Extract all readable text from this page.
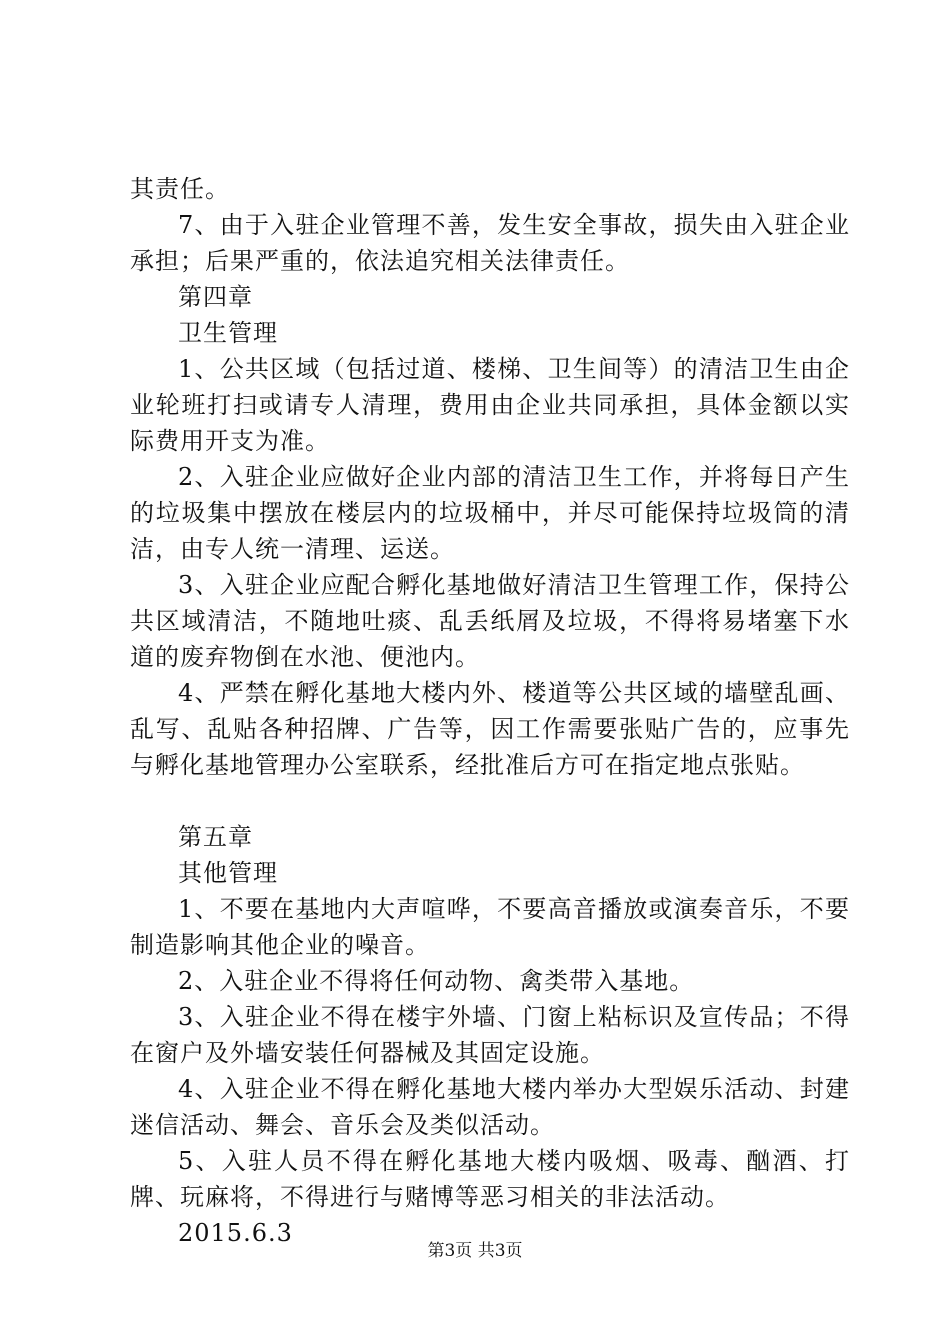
其责任。

7、由于入驻企业管理不善，发生安全事故，损失由入驻企业承担；后果严重的，依法追究相关法律责任。

第四章

卫生管理

1、公共区域（包括过道、楼梯、卫生间等）的清洁卫生由企业轮班打扫或请专人清理，费用由企业共同承担，具体金额以实际费用开支为准。

2、入驻企业应做好企业内部的清洁卫生工作，并将每日产生的垃圾集中摆放在楼层内的垃圾桶中，并尽可能保持垃圾筒的清洁，由专人统一清理、运送。

3、入驻企业应配合孵化基地做好清洁卫生管理工作，保持公共区域清洁，不随地吐痰、乱丢纸屑及垃圾，不得将易堵塞下水道的废弃物倒在水池、便池内。

4、严禁在孵化基地大楼内外、楼道等公共区域的墙壁乱画、乱写、乱贴各种招牌、广告等，因工作需要张贴广告的，应事先与孵化基地管理办公室联系，经批准后方可在指定地点张贴。

第五章

其他管理

1、不要在基地内大声喧哗，不要高音播放或演奏音乐，不要制造影响其他企业的噪音。

2、入驻企业不得将任何动物、禽类带入基地。

3、入驻企业不得在楼宇外墙、门窗上粘标识及宣传品；不得在窗户及外墙安装任何器械及其固定设施。

4、入驻企业不得在孵化基地大楼内举办大型娱乐活动、封建迷信活动、舞会、音乐会及类似活动。

5、入驻人员不得在孵化基地大楼内吸烟、吸毒、酗酒、打牌、玩麻将，不得进行与赌博等恶习相关的非法活动。

2015.6.3

第3页 共3页
